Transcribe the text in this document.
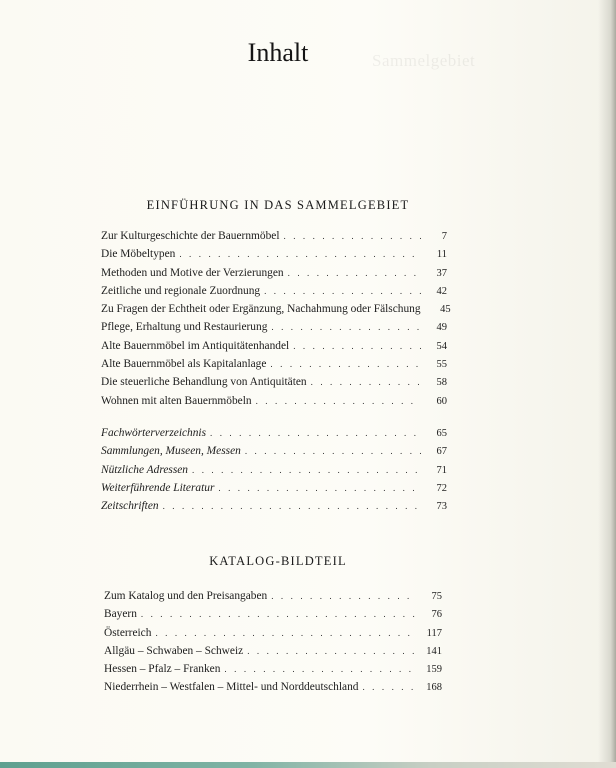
Sammelgebiet
Inhalt
EINFÜHRUNG IN DAS SAMMELGEBIET
Zur Kulturgeschichte der Bauernmöbel . . .	7
Die Möbeltypen . . .	11
Methoden und Motive der Verzierungen . . .	37
Zeitliche und regionale Zuordnung . . .	42
Zu Fragen der Echtheit oder Ergänzung, Nachahmung oder Fälschung	45
Pflege, Erhaltung und Restaurierung . . .	49
Alte Bauernmöbel im Antiquitätenhandel . . .	54
Alte Bauernmöbel als Kapitalanlage . . .	55
Die steuerliche Behandlung von Antiquitäten . . .	58
Wohnen mit alten Bauernmöbeln . . .	60
Fachwörterverzeichnis . . .	65
Sammlungen, Museen, Messen . . .	67
Nützliche Adressen . . .	71
Weiterführende Literatur . . .	72
Zeitschriften . . .	73
KATALOG-BILDTEIL
Zum Katalog und den Preisangaben . . .	75
Bayern . . .	76
Österreich . . .	117
Allgäu – Schwaben – Schweiz . . .	141
Hessen – Pfalz – Franken . . .	159
Niederrhein – Westfalen – Mittel- und Norddeutschland . . .	168
